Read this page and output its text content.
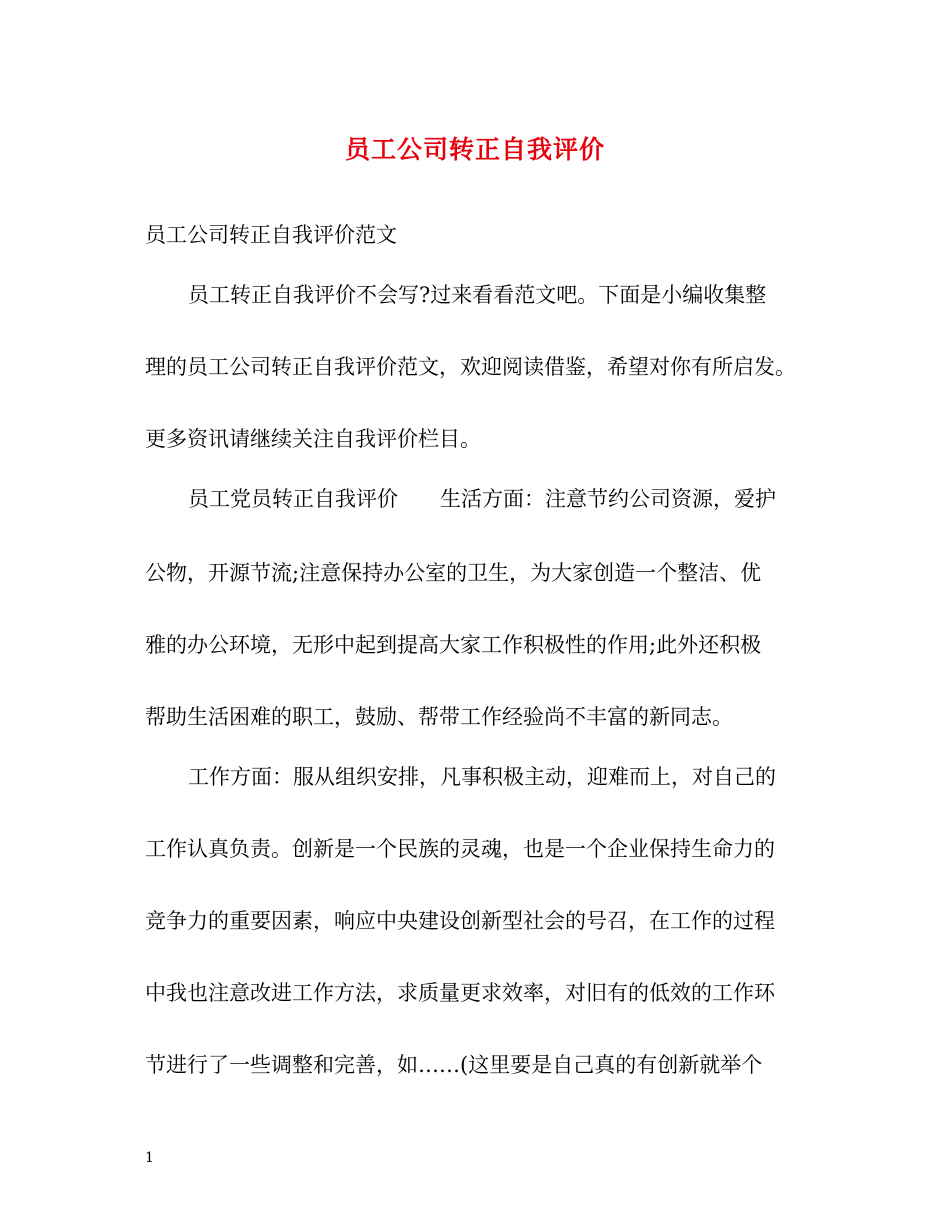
员工公司转正自我评价

员工公司转正自我评价范文

员工转正自我评价不会写?过来看看范文吧。下面是小编收集整

理的员工公司转正自我评价范文，欢迎阅读借鉴，希望对你有所启发。

更多资讯请继续关注自我评价栏目。

员工党员转正自我评价　　生活方面：注意节约公司资源，爱护

公物，开源节流;注意保持办公室的卫生，为大家创造一个整洁、优

雅的办公环境，无形中起到提高大家工作积极性的作用;此外还积极

帮助生活困难的职工，鼓励、帮带工作经验尚不丰富的新同志。

工作方面：服从组织安排，凡事积极主动，迎难而上，对自己的

工作认真负责。创新是一个民族的灵魂，也是一个企业保持生命力的

竞争力的重要因素，响应中央建设创新型社会的号召，在工作的过程

中我也注意改进工作方法，求质量更求效率，对旧有的低效的工作环

节进行了一些调整和完善，如……(这里要是自己真的有创新就举个

1
